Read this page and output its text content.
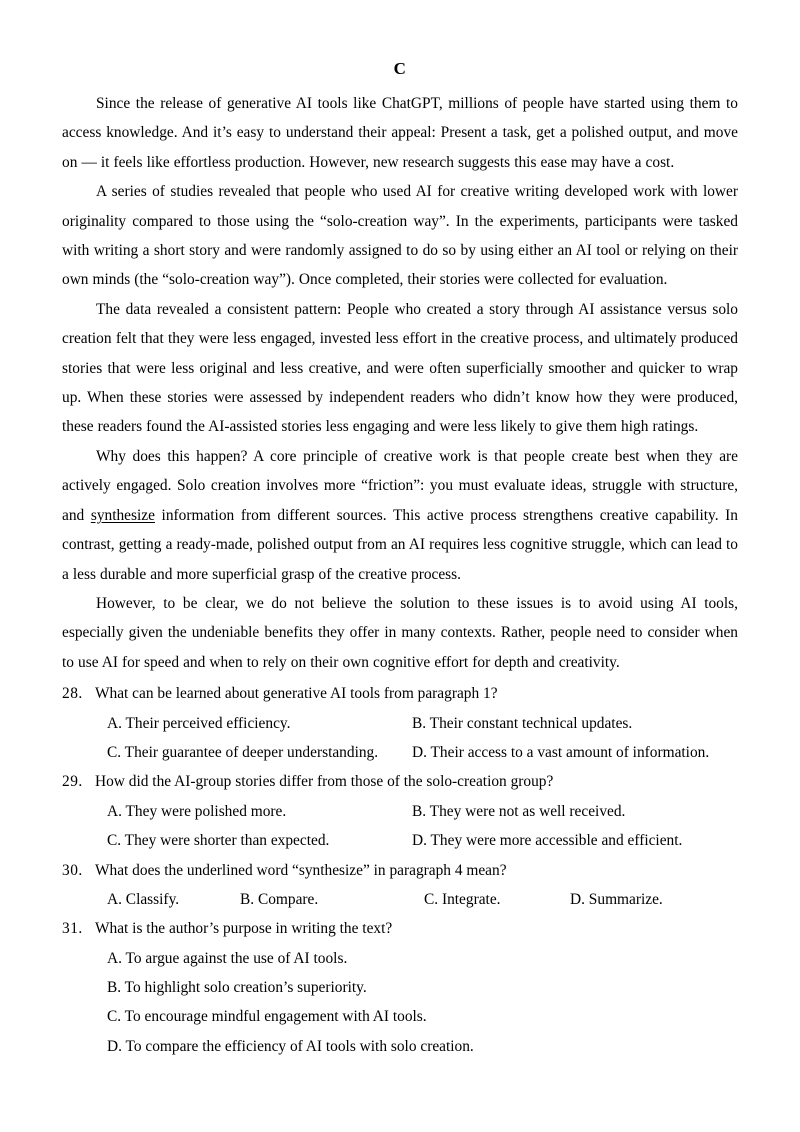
C

Since the release of generative AI tools like ChatGPT, millions of people have started using them to access knowledge. And it’s easy to understand their appeal: Present a task, get a polished output, and move on — it feels like effortless production. However, new research suggests this ease may have a cost.

A series of studies revealed that people who used AI for creative writing developed work with lower originality compared to those using the “solo-creation way”. In the experiments, participants were tasked with writing a short story and were randomly assigned to do so by using either an AI tool or relying on their own minds (the “solo-creation way”). Once completed, their stories were collected for evaluation.

The data revealed a consistent pattern: People who created a story through AI assistance versus solo creation felt that they were less engaged, invested less effort in the creative process, and ultimately produced stories that were less original and less creative, and were often superficially smoother and quicker to wrap up. When these stories were assessed by independent readers who didn’t know how they were produced, these readers found the AI-assisted stories less engaging and were less likely to give them high ratings.

Why does this happen? A core principle of creative work is that people create best when they are actively engaged. Solo creation involves more “friction”: you must evaluate ideas, struggle with structure, and synthesize information from different sources. This active process strengthens creative capability. In contrast, getting a ready-made, polished output from an AI requires less cognitive struggle, which can lead to a less durable and more superficial grasp of the creative process.

However, to be clear, we do not believe the solution to these issues is to avoid using AI tools, especially given the undeniable benefits they offer in many contexts. Rather, people need to consider when to use AI for speed and when to rely on their own cognitive effort for depth and creativity.

28. What can be learned about generative AI tools from paragraph 1?
A. Their perceived efficiency.	B. Their constant technical updates.
C. Their guarantee of deeper understanding. D. Their access to a vast amount of information.
29. How did the AI-group stories differ from those of the solo-creation group?
A. They were polished more.	B. They were not as well received.
C. They were shorter than expected.	D. They were more accessible and efficient.
30. What does the underlined word “synthesize” in paragraph 4 mean?
A. Classify.	B. Compare.	C. Integrate.	D. Summarize.
31. What is the author’s purpose in writing the text?
A. To argue against the use of AI tools.
B. To highlight solo creation’s superiority.
C. To encourage mindful engagement with AI tools.
D. To compare the efficiency of AI tools with solo creation.
